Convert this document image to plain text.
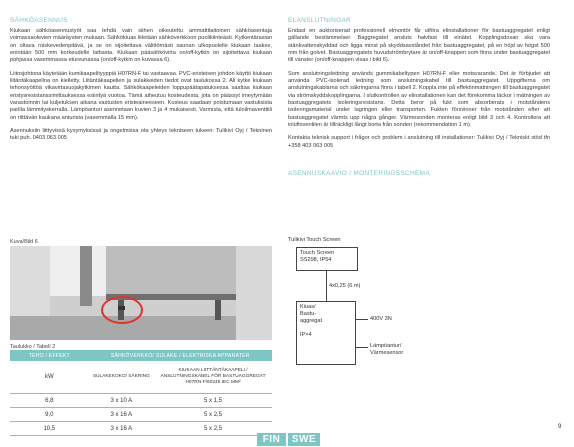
SÄHKÖASENNUS

Kiukaan sähköasennustyöt saa tehdä vain siihen oikeutettu ammattitaitoinen sähköasentaja voimassaolevien määräysten mukaan. Sähkökiuas liitetään sähköverkkoon puolikiinteästi. Kytkentärasian on oltava roiskevedenpitävä, ja se on sijoitettava välittömästi saunan ulkopuolelle kiukaan taakse, enintään 500 mm korkeudelle lattiasta. Kiukaan pääsähkövirta on/off-kytkin on sijoitettava kiukaan pohjassa vasemmassa etureunassa (on/off-kytkin on kuvassa 6).

Liitosjohtona käytetään kumikaapelityyppiä H07RN-F tai vastaavaa. PVC-eristeisen johdon käyttö kiukaan liitäntäkaapelina on kielletty. Liitäntäkaapelien ja sulakkeiden tiedot ovat taulukossa 2. Ali kytke kiukaan tehonsyöttöä vikavirtasuojakytkimen kautta. Sähkökaapeleiden loppupäätapatuksessa saattaa kiukaan eristysresistanssimittauksessa esiintyä vuotoa. Tämä aiheutuu kosteudesta, jota on päässyt imeytymään varastoinnin tai kuljetuksen aikana vastusten eristeaineeseen. Kosteus saadaan poistumaan vastuksista parilla lämmityskerralla. Lämpöanturi asennetaan kuvien 3 ja 4 mukaisesti. Varmista, että tuloilmaventtiili on riittävän kaukana anturista (vasemmalla 15 mm).

Asennuksiin liittyvissä kysymyksissä ja ongelmissa ota yhteys tekniseen tukeen: Tulikivi Oyj / Tekninen tuki puh. 0403 063 005

ELANSLUTNINGAR

Endast en auktoriserad professionell elmontör får utföra elinstallationer för bastuaggregatet enligt gällande bestämmelser. Baggregatet ansluts halvfast till elnätet. Kopplingsdosan ska vara stänkvattenskyddad och ligga minst på skyddsavståndet från bastuaggregatet, på en höjd av högst 500 mm från golvet. Bastuaggregatets huvudströmbrytare är on/off-knappen som finns under bastuaggregatet till vänster (on/off-knappen visas i bild 6).

Som anslutningsledning används gummikabeltypen H07RN-F eller motsvarande. Det är förbjudet att använda PVC-isolerad ledning som anslutningskabel till bastuaggregatet. Uppgifterna om anslutningskablarna och säkringarna finns i tabell 2. Koppla inte på effektinmatningen till bastuaggregatet via strömskyddskopplingarna. I slutkontrollen av elinstallationen kan det förekomma läckor i mätningen av bastuaggregatets isoleringsresistans. Detta beror på fukt som absorberats i motståndens isoleringsmaterial under lagringen eller transporten. Fukten försvinner från motstånden efter att bastuaggregatet värmts upp några gånger. Värmesonden monteras enligt bild 3 och 4. Kontrollera att inluftsventilen är tillräckligt långt borta från sonden (rekommendation 1 m).

Kontakta teknisk support i frågor och problem i anslutning till installationer: Tulikivi Oyj / Tekniskt stöd tfn +358 403 063 005

ASENNUSKAAVIO / MONTERINGSSCHEMA
Kuva/Bild 6
Taulukko / Tabell 2
TEHO / EFFEKT	SÄHKÖVERKKO/ SULAKE / ELEKTRISKA APPARATER	
kW	SULAKEKOKO/ SÄKRING	KIUKAAN LIITTÄNTÄKAAPELI / ANSLUTNINGSKABEL FÖR BASTUAGGREGAT H07RN-F/60245 IEC MM²
6,8	3 x 10 A	5 x 1,5
9,0	3 x 16 A	5 x 2,5
10,5	3 x 16 A	5 x 2,5
Tulikivi Touch Screen
Touch Screen
SS298, IP54
4x0,25 (6 m)
Kiuas/
Bastu-
aggregat
IP×4
400V 3N
Lämpöantur/
Värmesensor
9
FIN	SWE
